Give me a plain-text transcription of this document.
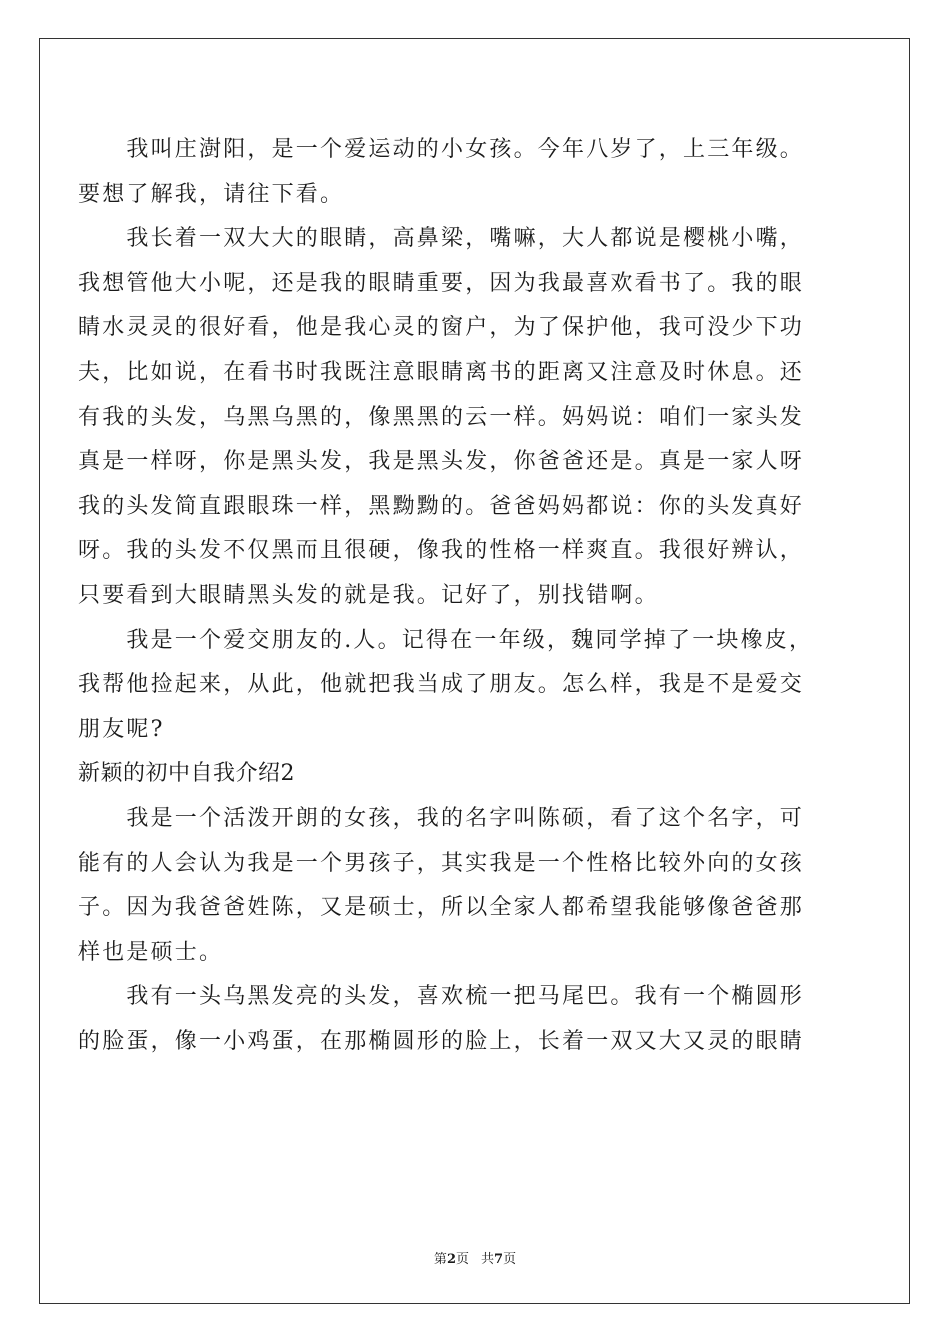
　　我叫庄澍阳，是一个爱运动的小女孩。今年八岁了，上三年级。
要想了解我，请往下看。
　　我长着一双大大的眼睛，高鼻梁，嘴嘛，大人都说是樱桃小嘴，
我想管他大小呢，还是我的眼睛重要，因为我最喜欢看书了。我的眼
睛水灵灵的很好看，他是我心灵的窗户，为了保护他，我可没少下功
夫，比如说，在看书时我既注意眼睛离书的距离又注意及时休息。还
有我的头发，乌黑乌黑的，像黑黑的云一样。妈妈说：咱们一家头发
真是一样呀，你是黑头发，我是黑头发，你爸爸还是。真是一家人呀
我的头发简直跟眼珠一样，黑黝黝的。爸爸妈妈都说：你的头发真好
呀。我的头发不仅黑而且很硬，像我的性格一样爽直。我很好辨认，
只要看到大眼睛黑头发的就是我。记好了，别找错啊。
　　我是一个爱交朋友的.人。记得在一年级，魏同学掉了一块橡皮，
我帮他捡起来，从此，他就把我当成了朋友。怎么样，我是不是爱交
朋友呢?
新颖的初中自我介绍2
　　我是一个活泼开朗的女孩，我的名字叫陈硕，看了这个名字，可
能有的人会认为我是一个男孩子，其实我是一个性格比较外向的女孩
子。因为我爸爸姓陈，又是硕士，所以全家人都希望我能够像爸爸那
样也是硕士。
　　我有一头乌黑发亮的头发，喜欢梳一把马尾巴。我有一个椭圆形
的脸蛋，像一小鸡蛋，在那椭圆形的脸上，长着一双又大又灵的眼睛
第2页 共7页
